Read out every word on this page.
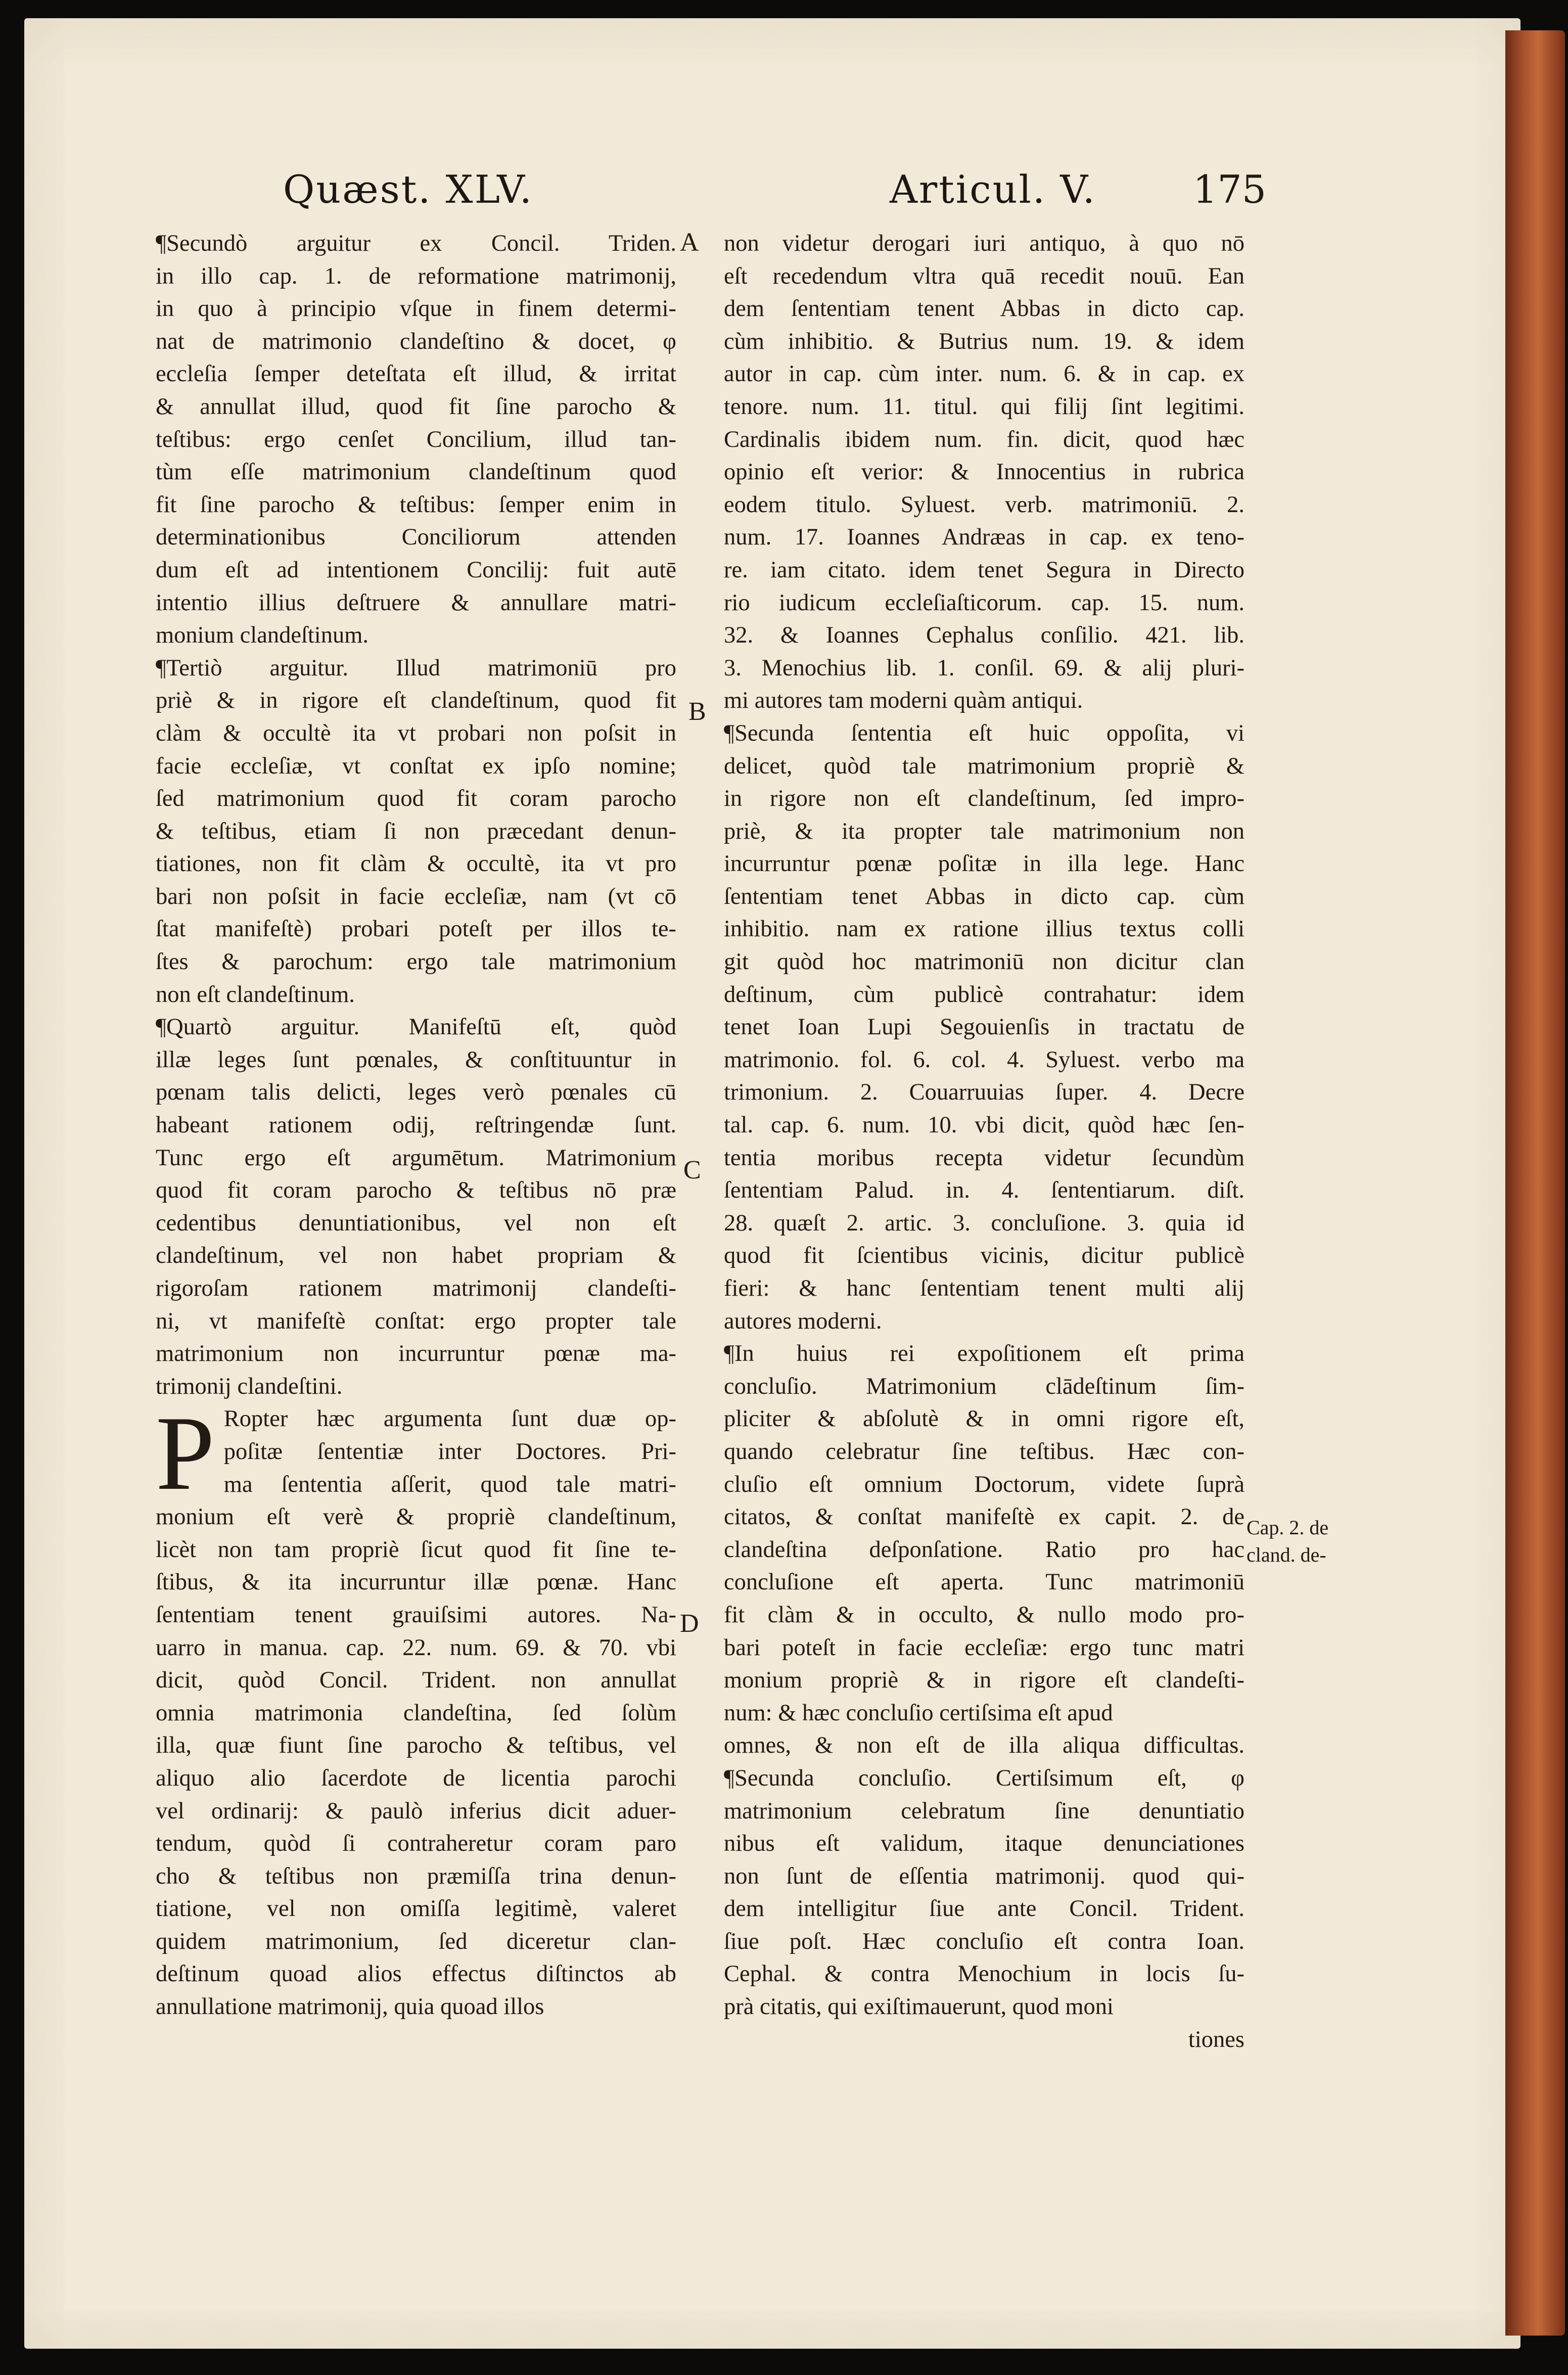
Quæst. XLV.	Articul. V.	175
A
B
C
D
Cap. 2. de
cland. de-
¶Secundò arguitur ex Concil. Triden.
in illo cap. 1. de reformatione matrimonij,
in quo à principio vſque in finem determi-
nat de matrimonio clandeſtino & docet, φ
eccleſia ſemper deteſtata eſt illud, & irritat
& annullat illud, quod fit ſine parocho &
teſtibus: ergo cenſet Concilium, illud tan-
tùm eſſe matrimonium clandeſtinum quod
fit ſine parocho & teſtibus: ſemper enim in
determinationibus Conciliorum attenden
dum eſt ad intentionem Concilij: fuit autē
intentio illius deſtruere & annullare matri-
monium clandeſtinum.
¶Tertiò arguitur. Illud matrimoniū pro
priè & in rigore eſt clandeſtinum, quod fit
clàm & occultè ita vt probari non poſsit in
facie eccleſiæ, vt conſtat ex ipſo nomine;
ſed matrimonium quod fit coram parocho
& teſtibus, etiam ſi non præcedant denun-
tiationes, non fit clàm & occultè, ita vt pro
bari non poſsit in facie eccleſiæ, nam (vt cō
ſtat manifeſtè) probari poteſt per illos te-
ſtes & parochum: ergo tale matrimonium
non eſt clandeſtinum.
¶Quartò arguitur. Manifeſtū eſt, quòd
illæ leges ſunt pœnales, & conſtituuntur in
pœnam talis delicti, leges verò pœnales cū
habeant rationem odij, reſtringendæ ſunt.
Tunc ergo eſt argumētum. Matrimonium
quod fit coram parocho & teſtibus nō præ
cedentibus denuntiationibus, vel non eſt
clandeſtinum, vel non habet propriam &
rigoroſam rationem matrimonij clandeſti-
ni, vt manifeſtè conſtat: ergo propter tale
matrimonium non incurruntur pœnæ ma-
trimonij clandeſtini.
P Ropter hæc argumenta ſunt duæ op-
poſitæ ſententiæ inter Doctores. Pri-
ma ſententia aſſerit, quod tale matri-
monium eſt verè & propriè clandeſtinum,
licèt non tam propriè ſicut quod fit ſine te-
ſtibus, & ita incurruntur illæ pœnæ. Hanc
ſententiam tenent grauiſsimi autores. Na-
uarro in manua. cap. 22. num. 69. & 70. vbi
dicit, quòd Concil. Trident. non annullat
omnia matrimonia clandeſtina, ſed ſolùm
illa, quæ fiunt ſine parocho & teſtibus, vel
aliquo alio ſacerdote de licentia parochi
vel ordinarij: & paulò inferius dicit aduer-
tendum, quòd ſi contraheretur coram paro
cho & teſtibus non præmiſſa trina denun-
tiatione, vel non omiſſa legitimè, valeret
quidem matrimonium, ſed diceretur clan-
deſtinum quoad alios effectus diſtinctos ab
annullatione matrimonij, quia quoad illos
non videtur derogari iuri antiquo, à quo nō
eſt recedendum vltra quā recedit nouū. Ean
dem ſententiam tenent Abbas in dicto cap.
cùm inhibitio. & Butrius num. 19. & idem
autor in cap. cùm inter. num. 6. & in cap. ex
tenore. num. 11. titul. qui filij ſint legitimi.
Cardinalis ibidem num. fin. dicit, quod hæc
opinio eſt verior: & Innocentius in rubrica
eodem titulo. Syluest. verb. matrimoniū. 2.
num. 17. Ioannes Andræas in cap. ex teno-
re. iam citato. idem tenet Segura in Directo
rio iudicum eccleſiaſticorum. cap. 15. num.
32. & Ioannes Cephalus conſilio. 421. lib.
3. Menochius lib. 1. conſil. 69. & alij pluri-
mi autores tam moderni quàm antiqui.
¶Secunda ſententia eſt huic oppoſita, vi
delicet, quòd tale matrimonium propriè &
in rigore non eſt clandeſtinum, ſed impro-
priè, & ita propter tale matrimonium non
incurruntur pœnæ poſitæ in illa lege. Hanc
ſententiam tenet Abbas in dicto cap. cùm
inhibitio. nam ex ratione illius textus colli
git quòd hoc matrimoniū non dicitur clan
deſtinum, cùm publicè contrahatur: idem
tenet Ioan Lupi Segouienſis in tractatu de
matrimonio. fol. 6. col. 4. Syluest. verbo ma
trimonium. 2. Couarruuias ſuper. 4. Decre
tal. cap. 6. num. 10. vbi dicit, quòd hæc ſen-
tentia moribus recepta videtur ſecundùm
ſententiam Palud. in. 4. ſententiarum. diſt.
28. quæſt 2. artic. 3. concluſione. 3. quia id
quod fit ſcientibus vicinis, dicitur publicè
fieri: & hanc ſententiam tenent multi alij
autores moderni.
¶In huius rei expoſitionem eſt prima
concluſio. Matrimonium clādeſtinum ſim-
pliciter & abſolutè & in omni rigore eſt,
quando celebratur ſine teſtibus. Hæc con-
cluſio eſt omnium Doctorum, videte ſuprà
citatos, & conſtat manifeſtè ex capit. 2. de
clandeſtina deſponſatione. Ratio pro hac
concluſione eſt aperta. Tunc matrimoniū
fit clàm & in occulto, & nullo modo pro-
bari poteſt in facie eccleſiæ: ergo tunc matri
monium propriè & in rigore eſt clandeſti-
num: & hæc concluſio certiſsima eſt apud
omnes, & non eſt de illa aliqua difficultas.
¶Secunda concluſio. Certiſsimum eſt, φ
matrimonium celebratum ſine denuntiatio
nibus eſt validum, itaque denunciationes
non ſunt de eſſentia matrimonij. quod qui-
dem intelligitur ſiue ante Concil. Trident.
ſiue poſt. Hæc concluſio eſt contra Ioan.
Cephal. & contra Menochium in locis ſu-
prà citatis, qui exiſtimauerunt, quod moni
tiones
